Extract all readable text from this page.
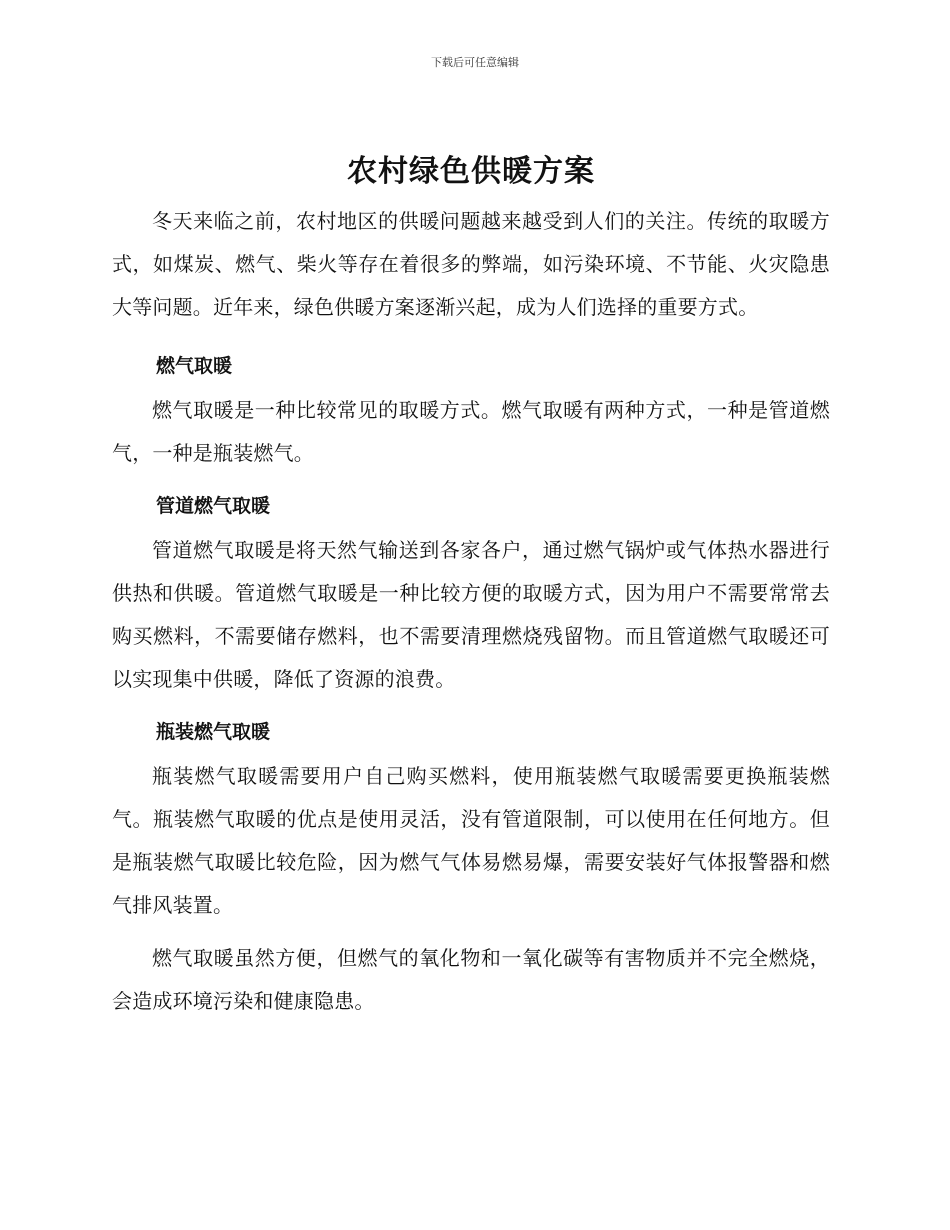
下载后可任意编辑
农村绿色供暖方案

冬天来临之前，农村地区的供暖问题越来越受到人们的关注。传统的取暖方式，如煤炭、燃气、柴火等存在着很多的弊端，如污染环境、不节能、火灾隐患大等问题。近年来，绿色供暖方案逐渐兴起，成为人们选择的重要方式。

燃气取暖

燃气取暖是一种比较常见的取暖方式。燃气取暖有两种方式，一种是管道燃气，一种是瓶装燃气。

管道燃气取暖

管道燃气取暖是将天然气输送到各家各户，通过燃气锅炉或气体热水器进行供热和供暖。管道燃气取暖是一种比较方便的取暖方式，因为用户不需要常常去购买燃料，不需要储存燃料，也不需要清理燃烧残留物。而且管道燃气取暖还可以实现集中供暖，降低了资源的浪费。

瓶装燃气取暖

瓶装燃气取暖需要用户自己购买燃料，使用瓶装燃气取暖需要更换瓶装燃气。瓶装燃气取暖的优点是使用灵活，没有管道限制，可以使用在任何地方。但是瓶装燃气取暖比较危险，因为燃气气体易燃易爆，需要安装好气体报警器和燃气排风装置。

燃气取暖虽然方便，但燃气的氧化物和一氧化碳等有害物质并不完全燃烧，会造成环境污染和健康隐患。
